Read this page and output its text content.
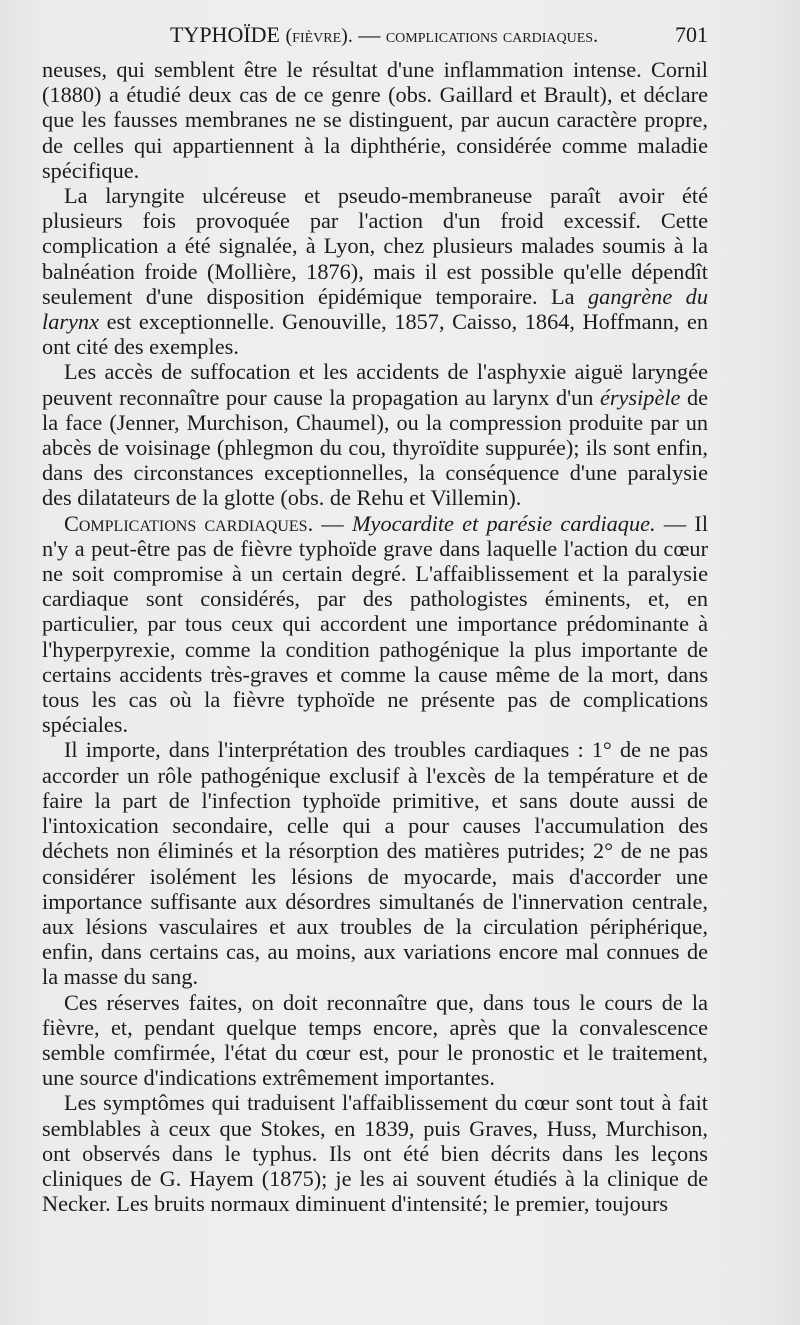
TYPHOÏDE (fièvre). — complications cardiaques.	701

neuses, qui semblent être le résultat d'une inflammation intense. Cornil (1880) a étudié deux cas de ce genre (obs. Gaillard et Brault), et déclare que les fausses membranes ne se distinguent, par aucun caractère propre, de celles qui appartiennent à la diphthérie, considérée comme maladie spécifique.

La laryngite ulcéreuse et pseudo-membraneuse paraît avoir été plusieurs fois provoquée par l'action d'un froid excessif. Cette complication a été signalée, à Lyon, chez plusieurs malades soumis à la balnéation froide (Mollière, 1876), mais il est possible qu'elle dépendît seulement d'une disposition épidémique temporaire. La gangrène du larynx est exceptionnelle. Genouville, 1857, Caisso, 1864, Hoffmann, en ont cité des exemples.

Les accès de suffocation et les accidents de l'asphyxie aiguë laryngée peuvent reconnaître pour cause la propagation au larynx d'un érysipèle de la face (Jenner, Murchison, Chaumel), ou la compression produite par un abcès de voisinage (phlegmon du cou, thyroïdite suppurée); ils sont enfin, dans des circonstances exceptionnelles, la conséquence d'une paralysie des dilatateurs de la glotte (obs. de Rehu et Villemin).

Complications cardiaques. — Myocardite et parésie cardiaque. — Il n'y a peut-être pas de fièvre typhoïde grave dans laquelle l'action du cœur ne soit compromise à un certain degré. L'affaiblissement et la paralysie cardiaque sont considérés, par des pathologistes éminents, et, en particulier, par tous ceux qui accordent une importance prédominante à l'hyperpyrexie, comme la condition pathogénique la plus importante de certains accidents très-graves et comme la cause même de la mort, dans tous les cas où la fièvre typhoïde ne présente pas de complications spéciales.

Il importe, dans l'interprétation des troubles cardiaques : 1° de ne pas accorder un rôle pathogénique exclusif à l'excès de la température et de faire la part de l'infection typhoïde primitive, et sans doute aussi de l'intoxication secondaire, celle qui a pour causes l'accumulation des déchets non éliminés et la résorption des matières putrides; 2° de ne pas considérer isolément les lésions de myocarde, mais d'accorder une importance suffisante aux désordres simultanés de l'innervation centrale, aux lésions vasculaires et aux troubles de la circulation périphérique, enfin, dans certains cas, au moins, aux variations encore mal connues de la masse du sang.

Ces réserves faites, on doit reconnaître que, dans tous le cours de la fièvre, et, pendant quelque temps encore, après que la convalescence semble comfirmée, l'état du cœur est, pour le pronostic et le traitement, une source d'indications extrêmement importantes.

Les symptômes qui traduisent l'affaiblissement du cœur sont tout à fait semblables à ceux que Stokes, en 1839, puis Graves, Huss, Murchison, ont observés dans le typhus. Ils ont été bien décrits dans les leçons cliniques de G. Hayem (1875); je les ai souvent étudiés à la clinique de Necker. Les bruits normaux diminuent d'intensité; le premier, toujours
